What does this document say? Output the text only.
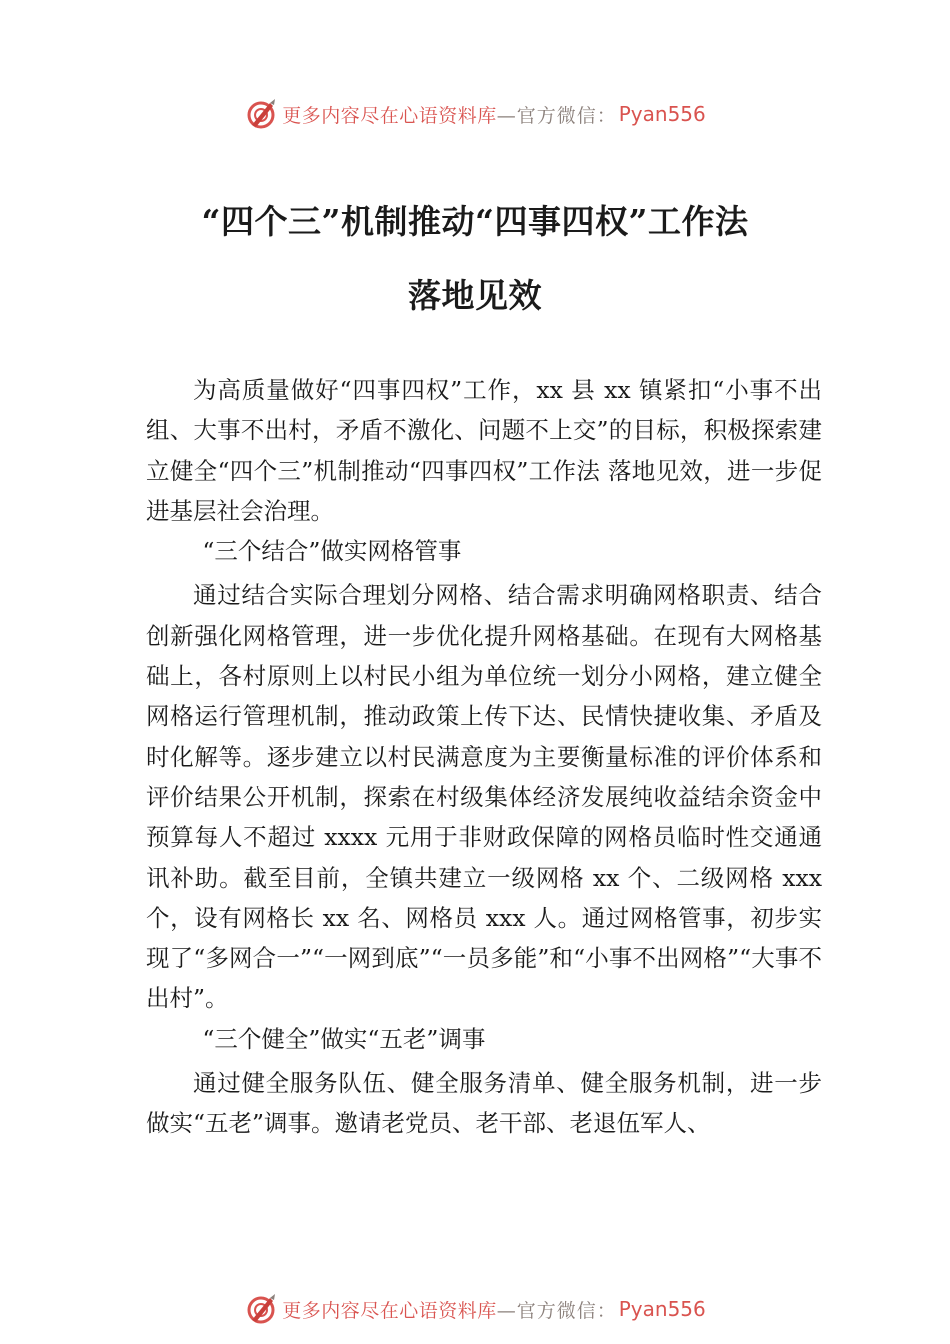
更多内容尽在心语资料库 —官方微信： Pyan556
“四个三”机制推动“四事四权”工作法
落地见效

为高质量做好“四事四权”工作，xx 县 xx 镇紧扣“小事不出组、大事不出村，矛盾不激化、问题不上交”的目标，积极探索建立健全“四个三”机制推动“四事四权”工作法 落地见效，进一步促进基层社会治理。

“三个结合”做实网格管事

通过结合实际合理划分网格、结合需求明确网格职责、结合创新强化网格管理，进一步优化提升网格基础。在现有大网格基础上，各村原则上以村民小组为单位统一划分小网格，建立健全网格运行管理机制，推动政策上传下达、民情快捷收集、矛盾及时化解等。逐步建立以村民满意度为主要衡量标准的评价体系和评价结果公开机制，探索在村级集体经济发展纯收益结余资金中预算每人不超过 xxxx 元用于非财政保障的网格员临时性交通通讯补助。截至目前，全镇共建立一级网格 xx 个、二级网格 xxx 个，设有网格长 xx 名、网格员 xxx 人。通过网格管事，初步实现了“多网合一”“一网到底”“一员多能”和“小事不出网格”“大事不出村”。

“三个健全”做实“五老”调事

通过健全服务队伍、健全服务清单、健全服务机制，进一步做实“五老”调事。邀请老党员、老干部、老退伍军人、

更多内容尽在心语资料库 —官方微信： Pyan556
